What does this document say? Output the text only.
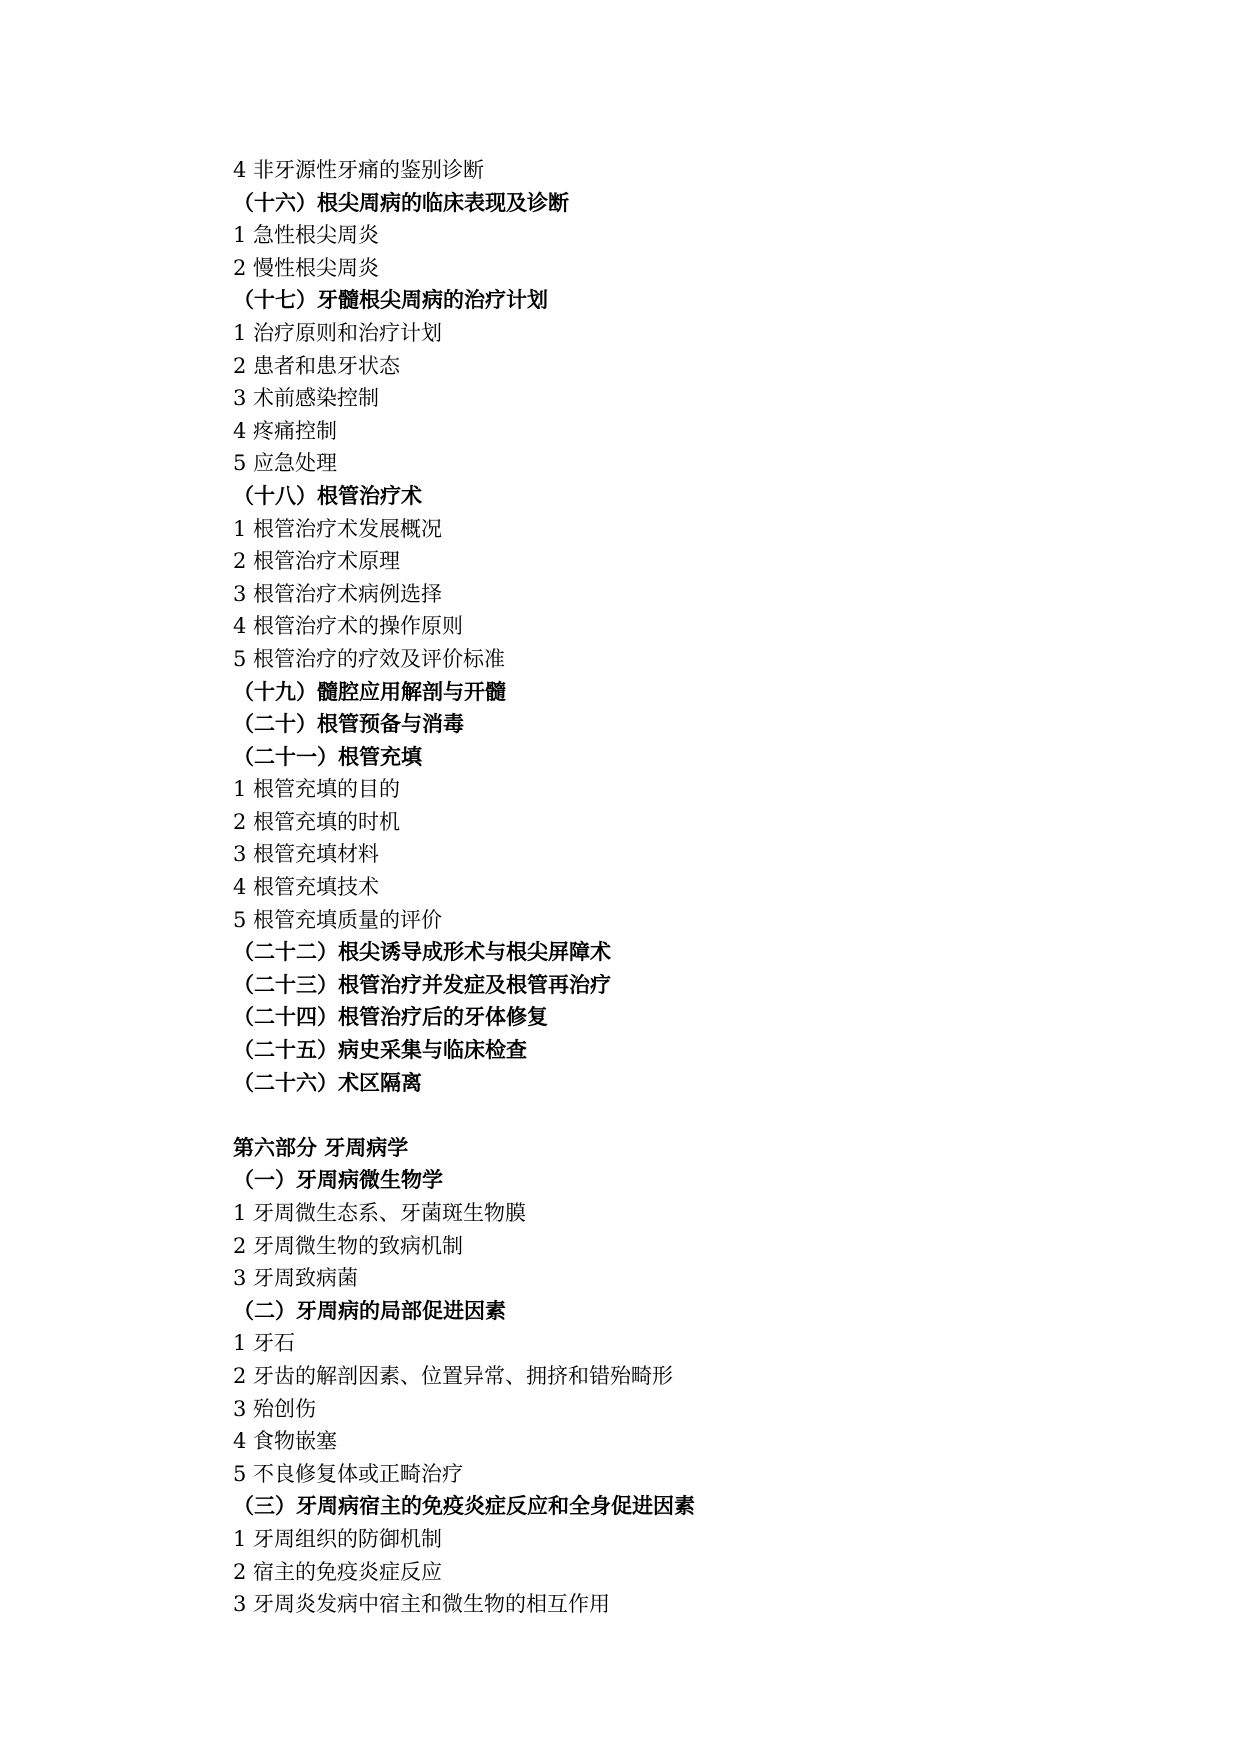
4 非牙源性牙痛的鉴别诊断
（十六）根尖周病的临床表现及诊断
1 急性根尖周炎
2 慢性根尖周炎
（十七）牙髓根尖周病的治疗计划
1 治疗原则和治疗计划
2 患者和患牙状态
3 术前感染控制
4 疼痛控制
5 应急处理
（十八）根管治疗术
1 根管治疗术发展概况
2 根管治疗术原理
3 根管治疗术病例选择
4 根管治疗术的操作原则
5 根管治疗的疗效及评价标准
（十九）髓腔应用解剖与开髓
（二十）根管预备与消毒
（二十一）根管充填
1 根管充填的目的
2 根管充填的时机
3 根管充填材料
4 根管充填技术
5 根管充填质量的评价
（二十二）根尖诱导成形术与根尖屏障术
（二十三）根管治疗并发症及根管再治疗
（二十四）根管治疗后的牙体修复
（二十五）病史采集与临床检查
（二十六）术区隔离
第六部分 牙周病学
（一）牙周病微生物学
1 牙周微生态系、牙菌斑生物膜
2 牙周微生物的致病机制
3 牙周致病菌
（二）牙周病的局部促进因素
1 牙石
2 牙齿的解剖因素、位置异常、拥挤和错殆畸形
3 殆创伤
4 食物嵌塞
5 不良修复体或正畸治疗
（三）牙周病宿主的免疫炎症反应和全身促进因素
1 牙周组织的防御机制
2 宿主的免疫炎症反应
3 牙周炎发病中宿主和微生物的相互作用
